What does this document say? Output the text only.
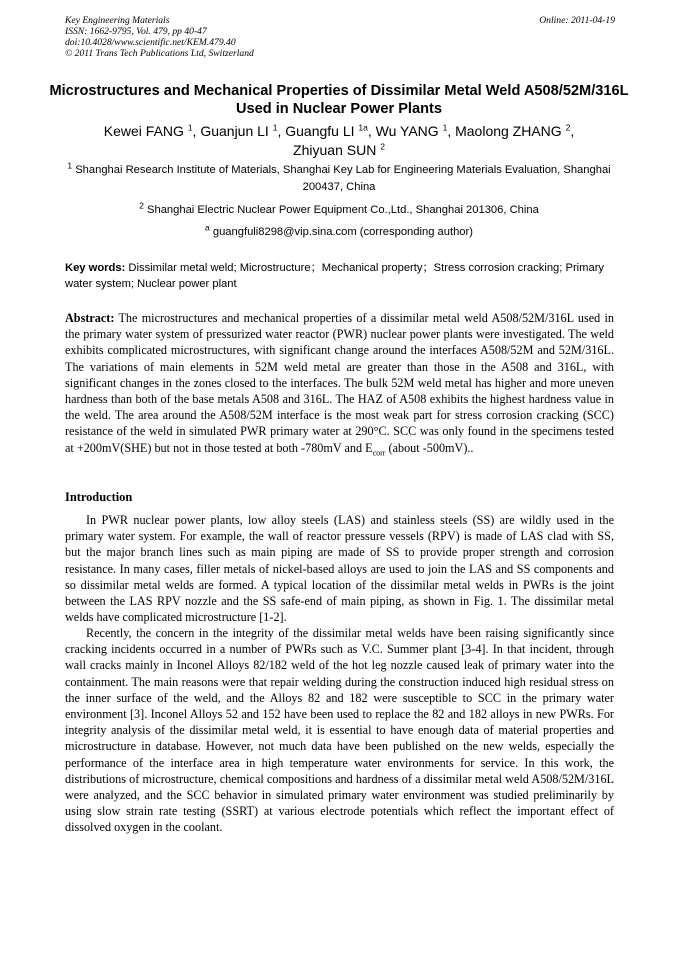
Key Engineering Materials
ISSN: 1662-9795, Vol. 479, pp 40-47
doi:10.4028/www.scientific.net/KEM.479.40
© 2011 Trans Tech Publications Ltd, Switzerland
Online: 2011-04-19
Microstructures and Mechanical Properties of Dissimilar Metal Weld A508/52M/316L Used in Nuclear Power Plants
Kewei FANG $^1$, Guanjun LI $^1$, Guangfu LI $^{1a}$, Wu YANG $^1$, Maolong ZHANG $^2$,
Zhiyuan SUN $^2$
$^1$ Shanghai Research Institute of Materials, Shanghai Key Lab for Engineering Materials Evaluation, Shanghai 200437, China
$^2$ Shanghai Electric Nuclear Power Equipment Co.,Ltd., Shanghai 201306, China
$^a$ guangfuli8298@vip.sina.com (corresponding author)
Key words: Dissimilar metal weld; Microstructure；Mechanical property；Stress corrosion cracking; Primary water system; Nuclear power plant
Abstract: The microstructures and mechanical properties of a dissimilar metal weld A508/52M/316L used in the primary water system of pressurized water reactor (PWR) nuclear power plants were investigated. The weld exhibits complicated microstructures, with significant change around the interfaces A508/52M and 52M/316L. The variations of main elements in 52M weld metal are greater than those in the A508 and 316L, with significant changes in the zones closed to the interfaces. The bulk 52M weld metal has higher and more uneven hardness than both of the base metals A508 and 316L. The HAZ of A508 exhibits the highest hardness value in the weld. The area around the A508/52M interface is the most weak part for stress corrosion cracking (SCC) resistance of the weld in simulated PWR primary water at 290°C. SCC was only found in the specimens tested at +200mV(SHE) but not in those tested at both -780mV and $E_{corr}$ (about -500mV)..
Introduction
In PWR nuclear power plants, low alloy steels (LAS) and stainless steels (SS) are wildly used in the primary water system. For example, the wall of reactor pressure vessels (RPV) is made of LAS clad with SS, but the major branch lines such as main piping are made of SS to provide proper strength and corrosion resistance. In many cases, filler metals of nickel-based alloys are used to join the LAS and SS components and so dissimilar metal welds are formed. A typical location of the dissimilar metal welds in PWRs is the joint between the LAS RPV nozzle and the SS safe-end of main piping, as shown in Fig. 1. The dissimilar metal welds have complicated microstructure [1-2].
Recently, the concern in the integrity of the dissimilar metal welds have been raising significantly since cracking incidents occurred in a number of PWRs such as V.C. Summer plant [3-4]. In that incident, through wall cracks mainly in Inconel Alloys 82/182 weld of the hot leg nozzle caused leak of primary water into the containment. The main reasons were that repair welding during the construction induced high residual stress on the inner surface of the weld, and the Alloys 82 and 182 were susceptible to SCC in the primary water environment [3]. Inconel Alloys 52 and 152 have been used to replace the 82 and 182 alloys in new PWRs. For integrity analysis of the dissimilar metal weld, it is essential to have enough data of material properties and microstructure in database. However, not much data have been published on the new welds, especially the performance of the interface area in high temperature water environments for service. In this work, the distributions of microstructure, chemical compositions and hardness of a dissimilar metal weld A508/52M/316L were analyzed, and the SCC behavior in simulated primary water environment was studied preliminarily by using slow strain rate testing (SSRT) at various electrode potentials which reflect the important effect of dissolved oxygen in the coolant.
